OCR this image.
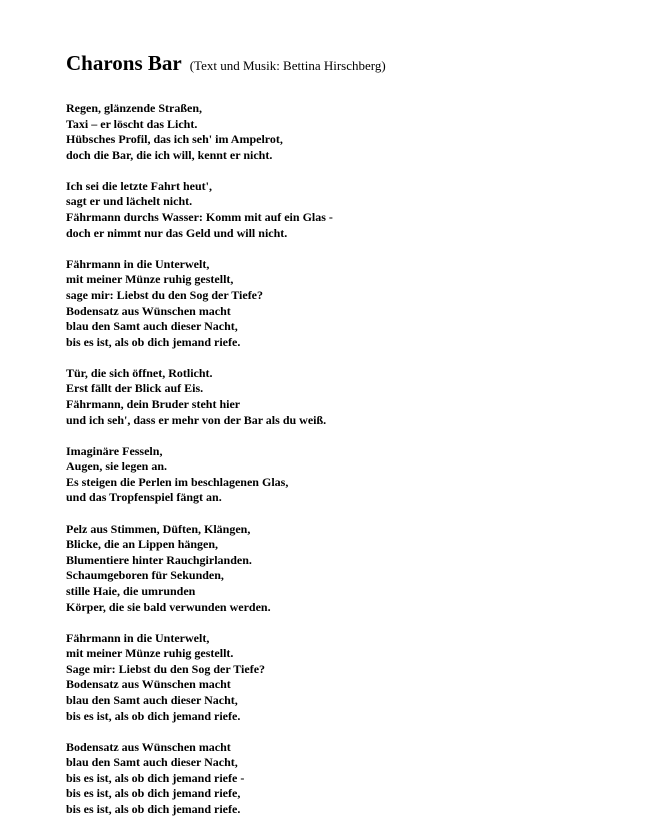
Charons Bar (Text und Musik: Bettina Hirschberg)
Regen, glänzende Straßen,
Taxi – er löscht das Licht.
Hübsches Profil, das ich seh' im Ampelrot,
doch die Bar, die ich will, kennt er nicht.
Ich sei die letzte Fahrt heut',
sagt er und lächelt nicht.
Fährmann durchs Wasser: Komm mit auf ein Glas -
doch er nimmt nur das Geld und will nicht.
Fährmann in die Unterwelt,
mit meiner Münze ruhig gestellt,
sage mir: Liebst du den Sog der Tiefe?
Bodensatz aus Wünschen macht
blau den Samt auch dieser Nacht,
bis es ist, als ob dich jemand riefe.
Tür, die sich öffnet, Rotlicht.
Erst fällt der Blick auf Eis.
Fährmann, dein Bruder steht hier
und ich seh', dass er mehr von der Bar als du weiß.
Imaginäre Fesseln,
Augen, sie legen an.
Es steigen die Perlen im beschlagenen Glas,
und das Tropfenspiel fängt an.
Pelz aus Stimmen, Düften, Klängen,
Blicke, die an Lippen hängen,
Blumentiere hinter Rauchgirlanden.
Schaumgeboren für Sekunden,
stille Haie, die umrunden
Körper, die sie bald verwunden werden.
Fährmann in die Unterwelt,
mit meiner Münze ruhig gestellt.
Sage mir: Liebst du den Sog der Tiefe?
Bodensatz aus Wünschen macht
blau den Samt auch dieser Nacht,
bis es ist, als ob dich jemand riefe.
Bodensatz aus Wünschen macht
blau den Samt auch dieser Nacht,
bis es ist, als ob dich jemand riefe -
bis es ist, als ob dich jemand riefe,
bis es ist, als ob dich jemand riefe.
